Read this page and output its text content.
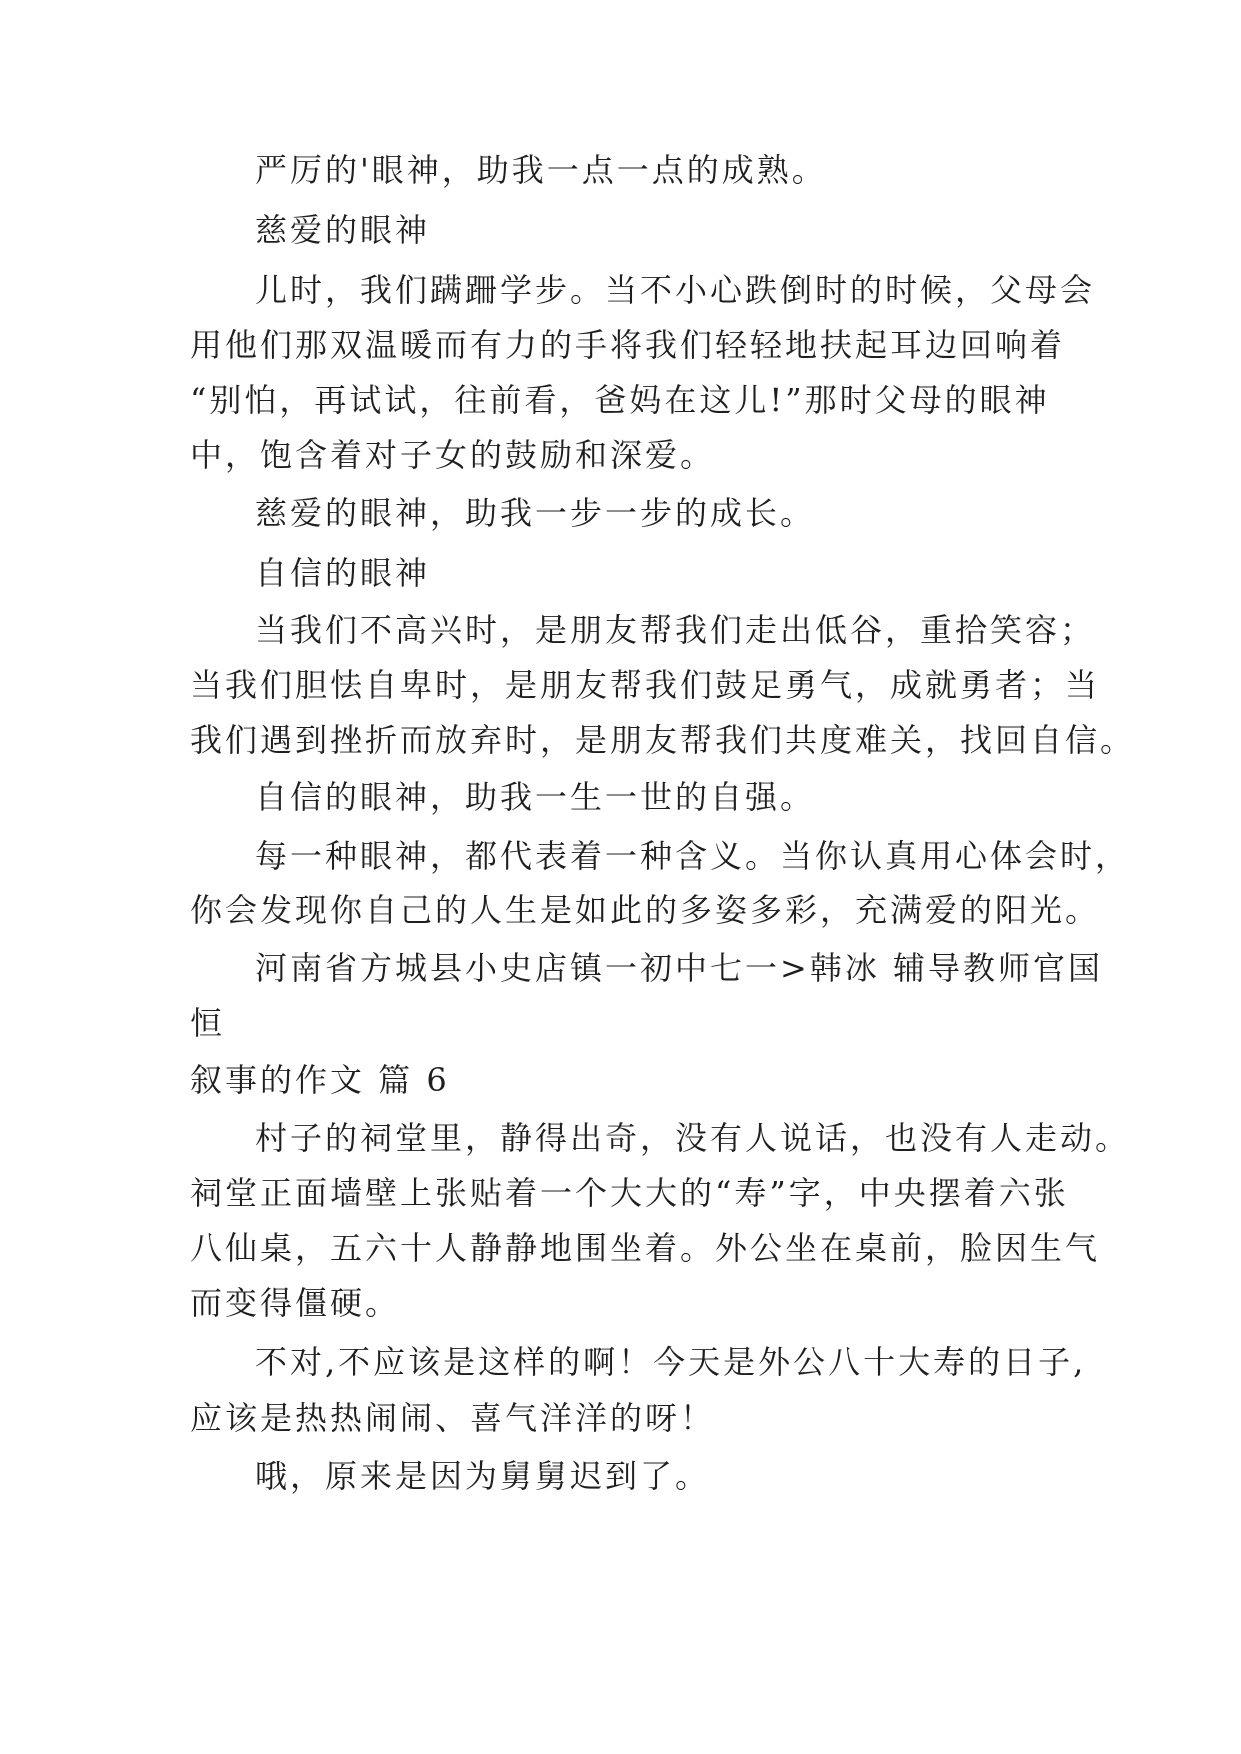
严厉的'眼神，助我一点一点的成熟。

慈爱的眼神

儿时，我们蹒跚学步。当不小心跌倒时的时候，父母会

用他们那双温暖而有力的手将我们轻轻地扶起耳边回响着

“别怕，再试试，往前看，爸妈在这儿!”那时父母的眼神

中，饱含着对子女的鼓励和深爱。

慈爱的眼神，助我一步一步的成长。

自信的眼神

当我们不高兴时，是朋友帮我们走出低谷，重拾笑容；

当我们胆怯自卑时，是朋友帮我们鼓足勇气，成就勇者；当

我们遇到挫折而放弃时，是朋友帮我们共度难关，找回自信。

自信的眼神，助我一生一世的自强。

每一种眼神，都代表着一种含义。当你认真用心体会时，

你会发现你自己的人生是如此的多姿多彩，充满爱的阳光。

河南省方城县小史店镇一初中七一>韩冰 辅导教师官国

恒

叙事的作文 篇 6

村子的祠堂里，静得出奇，没有人说话，也没有人走动。

祠堂正面墙壁上张贴着一个大大的“寿”字，中央摆着六张

八仙桌，五六十人静静地围坐着。外公坐在桌前，脸因生气

而变得僵硬。

不对,不应该是这样的啊！今天是外公八十大寿的日子,

应该是热热闹闹、喜气洋洋的呀！

哦，原来是因为舅舅迟到了。
